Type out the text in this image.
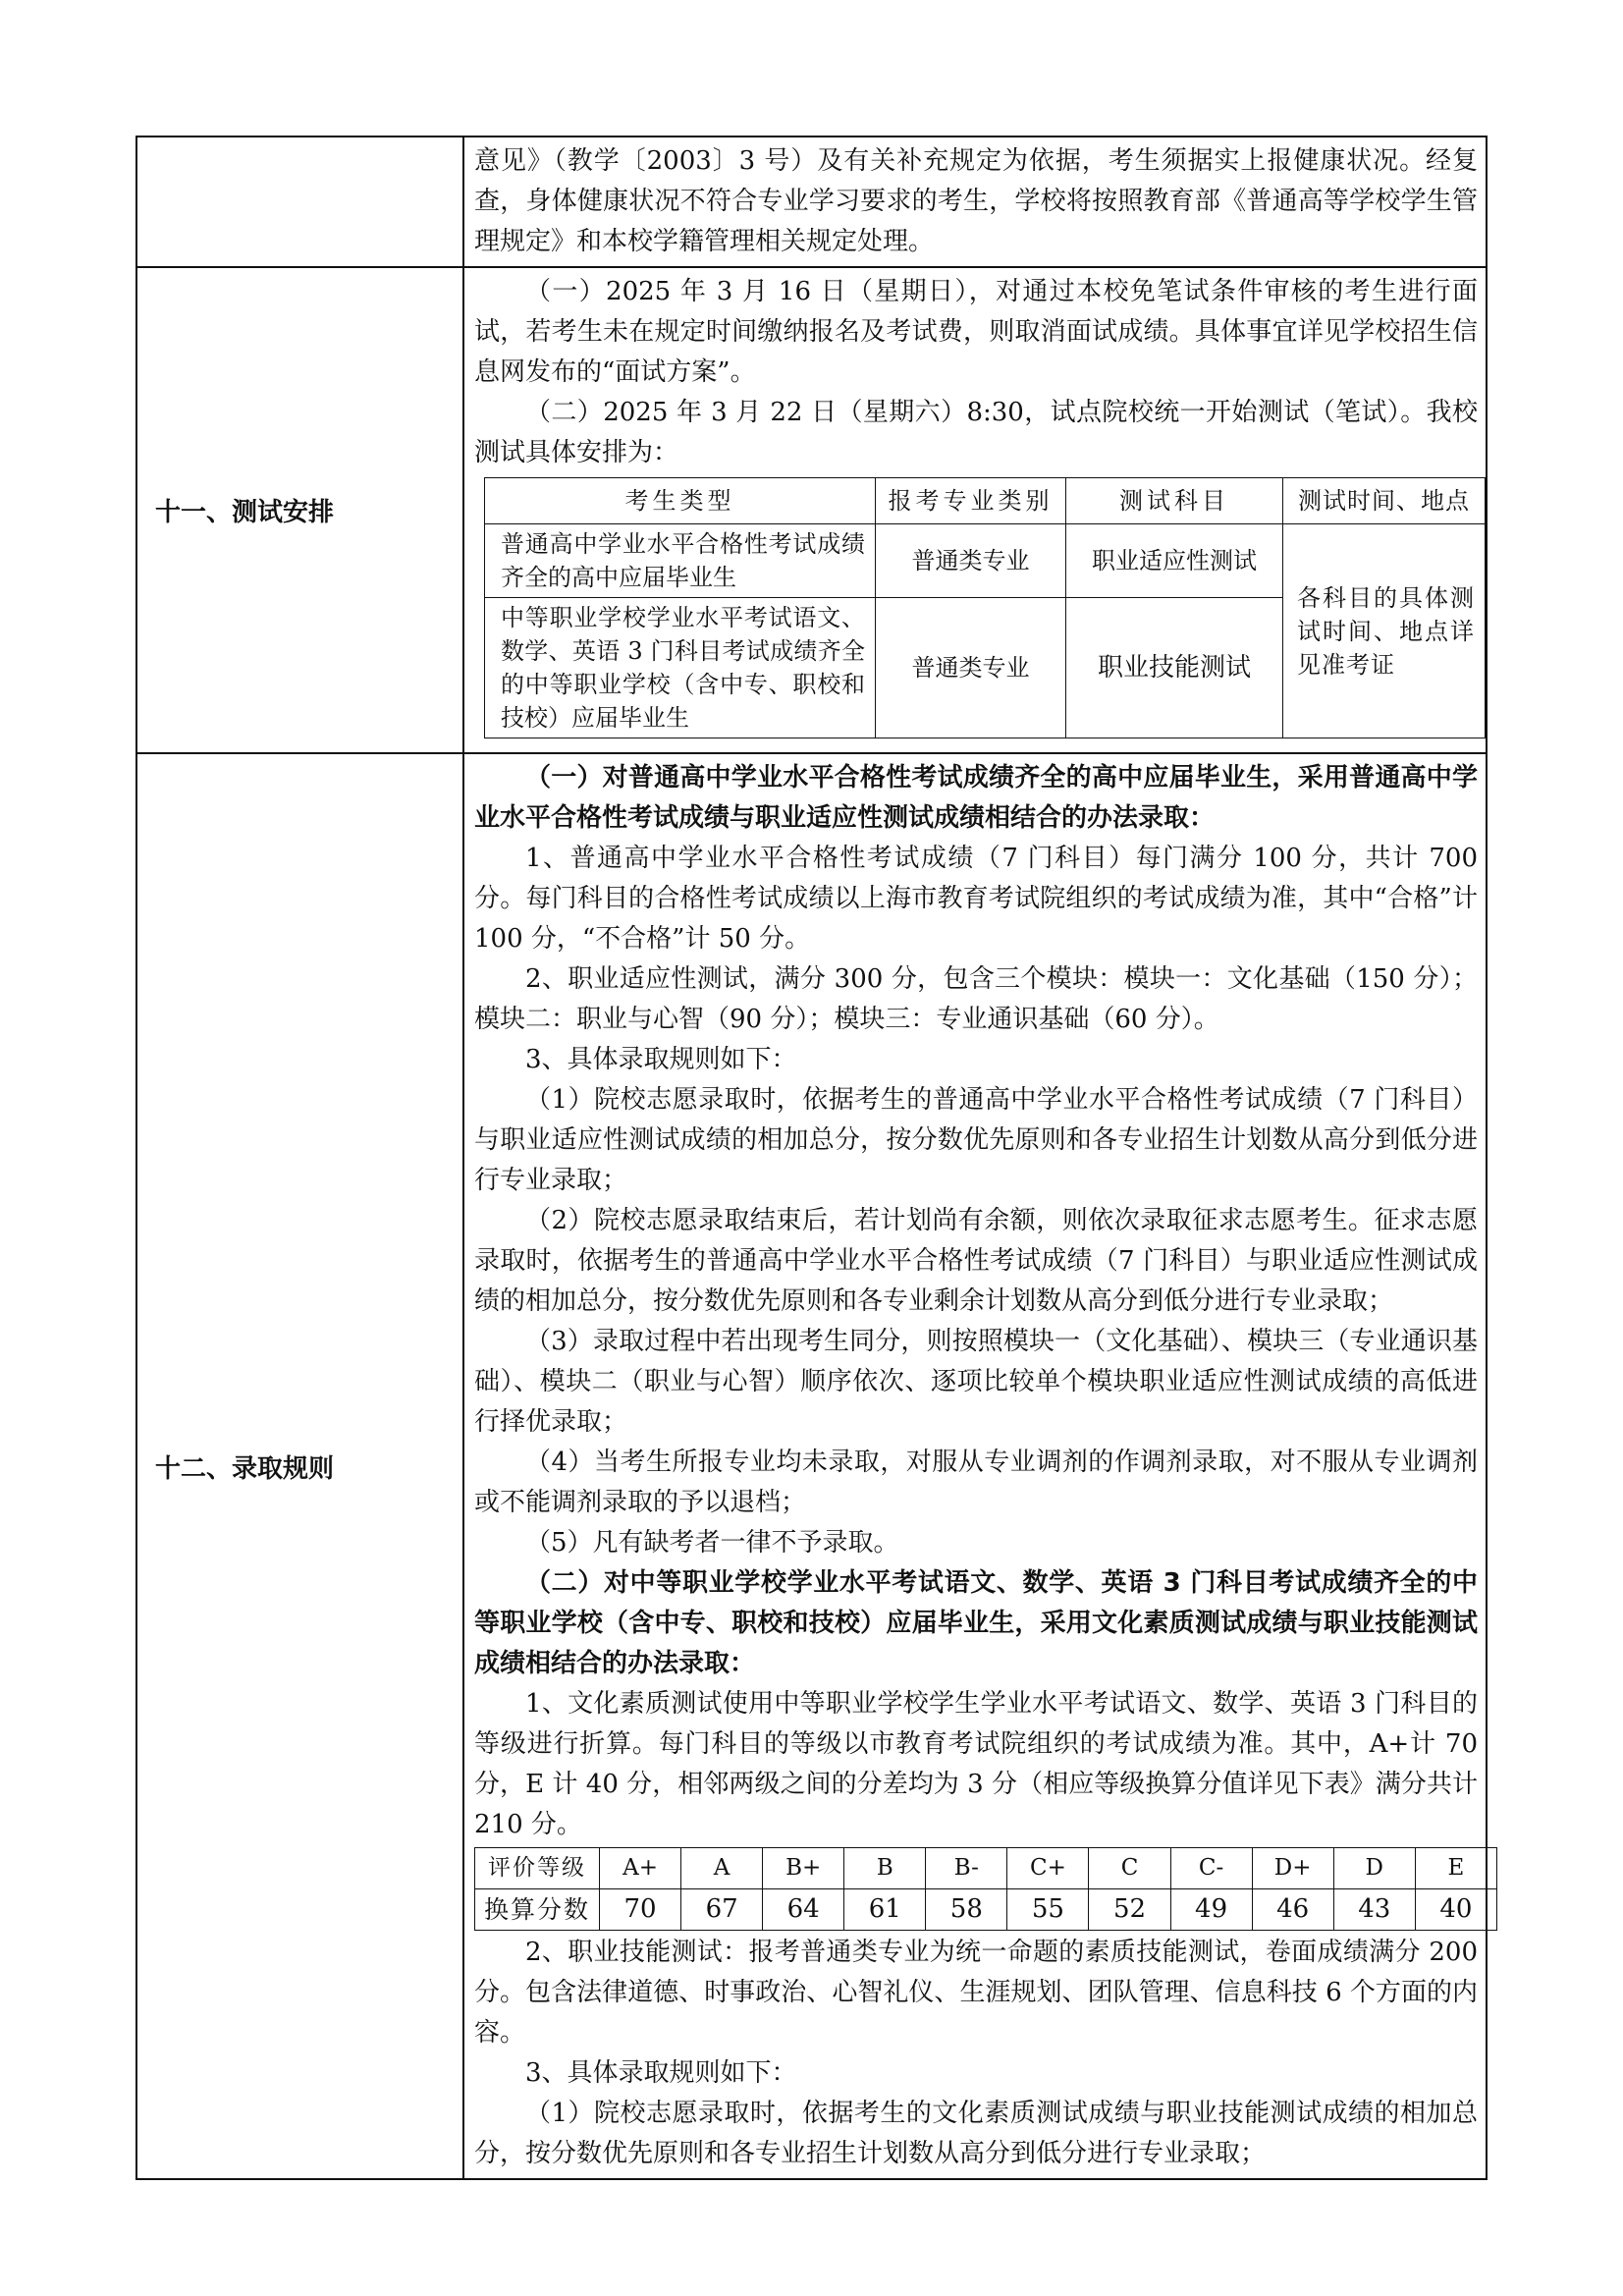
意见》（教学〔2003〕3 号）及有关补充规定为依据，考生须据实上报健康状况。经复查，身体健康状况不符合专业学习要求的考生，学校将按照教育部《普通高等学校学生管理规定》和本校学籍管理相关规定处理。

十一、测试安排	

（一）2025 年 3 月 16 日（星期日），对通过本校免笔试条件审核的考生进行面试，若考生未在规定时间缴纳报名及考试费，则取消面试成绩。具体事宜详见学校招生信息网发布的“面试方案”。

（二）2025 年 3 月 22 日（星期六）8:30，试点院校统一开始测试（笔试）。我校测试具体安排为：

考生类型	报考专业类别	测试科目	测试时间、地点
普通高中学业水平合格性考试成绩齐全的高中应届毕业生	普通类专业	职业适应性测试	各科目的具体测试时间、地点详见准考证
中等职业学校学业水平考试语文、数学、英语 3 门科目考试成绩齐全的中等职业学校（含中专、职校和技校）应届毕业生	普通类专业	职业技能测试

十二、录取规则	

（一）对普通高中学业水平合格性考试成绩齐全的高中应届毕业生，采用普通高中学业水平合格性考试成绩与职业适应性测试成绩相结合的办法录取：

1、普通高中学业水平合格性考试成绩（7 门科目）每门满分 100 分，共计 700 分。每门科目的合格性考试成绩以上海市教育考试院组织的考试成绩为准，其中“合格”计 100 分，“不合格”计 50 分。

2、职业适应性测试，满分 300 分，包含三个模块：模块一：文化基础（150 分）；模块二：职业与心智（90 分）；模块三：专业通识基础（60 分）。

3、具体录取规则如下：

（1）院校志愿录取时，依据考生的普通高中学业水平合格性考试成绩（7 门科目）与职业适应性测试成绩的相加总分，按分数优先原则和各专业招生计划数从高分到低分进行专业录取；

（2）院校志愿录取结束后，若计划尚有余额，则依次录取征求志愿考生。征求志愿录取时，依据考生的普通高中学业水平合格性考试成绩（7 门科目）与职业适应性测试成绩的相加总分，按分数优先原则和各专业剩余计划数从高分到低分进行专业录取；

（3）录取过程中若出现考生同分，则按照模块一（文化基础）、模块三（专业通识基础）、模块二（职业与心智）顺序依次、逐项比较单个模块职业适应性测试成绩的高低进行择优录取；

（4）当考生所报专业均未录取，对服从专业调剂的作调剂录取，对不服从专业调剂或不能调剂录取的予以退档；

（5）凡有缺考者一律不予录取。

（二）对中等职业学校学业水平考试语文、数学、英语 3 门科目考试成绩齐全的中等职业学校（含中专、职校和技校）应届毕业生，采用文化素质测试成绩与职业技能测试成绩相结合的办法录取：

1、文化素质测试使用中等职业学校学生学业水平考试语文、数学、英语 3 门科目的等级进行折算。每门科目的等级以市教育考试院组织的考试成绩为准。其中，A+计 70 分，E 计 40 分，相邻两级之间的分差均为 3 分（相应等级换算分值详见下表》满分共计 210 分。

评价等级	A+	A	B+	B	B-	C+	C	C-	D+	D	E
换算分数	70	67	64	61	58	55	52	49	46	43	40

2、职业技能测试：报考普通类专业为统一命题的素质技能测试，卷面成绩满分 200 分。包含法律道德、时事政治、心智礼仪、生涯规划、团队管理、信息科技 6 个方面的内容。

3、具体录取规则如下：

（1）院校志愿录取时，依据考生的文化素质测试成绩与职业技能测试成绩的相加总分，按分数优先原则和各专业招生计划数从高分到低分进行专业录取；
